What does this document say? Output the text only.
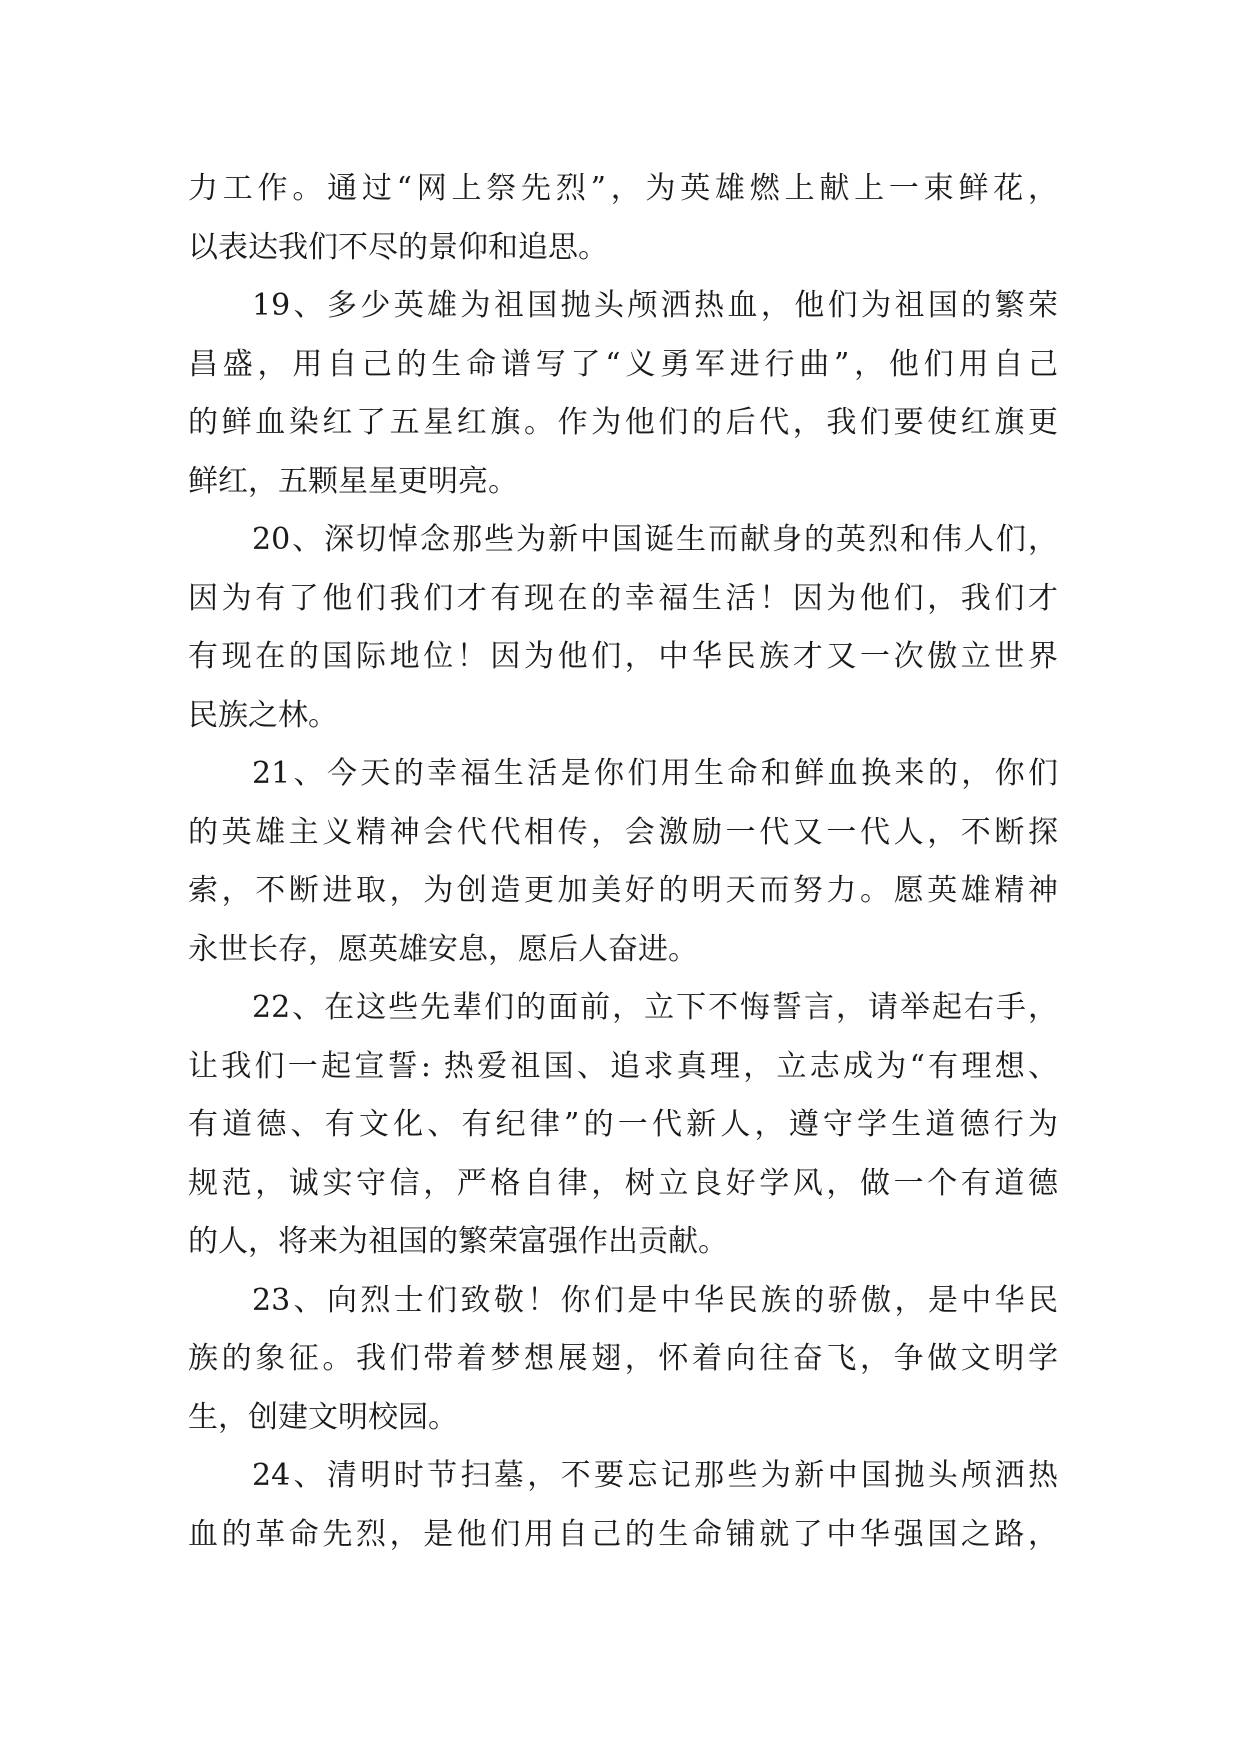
力工作。通过“网上祭先烈”，为英雄燃上献上一束鲜花，
以表达我们不尽的景仰和追思。
19、多少英雄为祖国抛头颅洒热血，他们为祖国的繁荣
昌盛，用自己的生命谱写了“义勇军进行曲”，他们用自己
的鲜血染红了五星红旗。作为他们的后代，我们要使红旗更
鲜红，五颗星星更明亮。
20、深切悼念那些为新中国诞生而献身的英烈和伟人们，
因为有了他们我们才有现在的幸福生活！因为他们，我们才
有现在的国际地位！因为他们，中华民族才又一次傲立世界
民族之林。
21、今天的幸福生活是你们用生命和鲜血换来的，你们
的英雄主义精神会代代相传，会激励一代又一代人，不断探
索，不断进取，为创造更加美好的明天而努力。愿英雄精神
永世长存，愿英雄安息，愿后人奋进。
22、在这些先辈们的面前，立下不悔誓言，请举起右手，
让我们一起宣誓: 热爱祖国、追求真理，立志成为“有理想、
有道德、有文化、有纪律”的一代新人，遵守学生道德行为
规范，诚实守信，严格自律，树立良好学风，做一个有道德
的人，将来为祖国的繁荣富强作出贡献。
23、向烈士们致敬！你们是中华民族的骄傲，是中华民
族的象征。我们带着梦想展翅，怀着向往奋飞，争做文明学
生，创建文明校园。
24、清明时节扫墓，不要忘记那些为新中国抛头颅洒热
血的革命先烈，是他们用自己的生命铺就了中华强国之路，
